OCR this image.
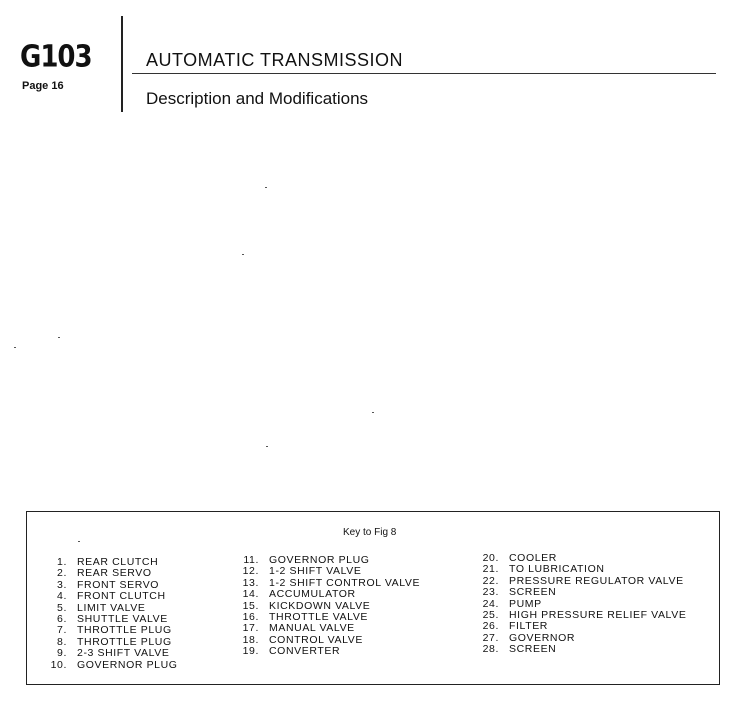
G103
Page 16
AUTOMATIC TRANSMISSION
Description and Modifications
Key to Fig 8
1. REAR CLUTCH
2. REAR SERVO
3. FRONT SERVO
4. FRONT CLUTCH
5. LIMIT VALVE
6. SHUTTLE VALVE
7. THROTTLE PLUG
8. THROTTLE PLUG
9. 2-3 SHIFT VALVE
10. GOVERNOR PLUG
11. GOVERNOR PLUG
12. 1-2 SHIFT VALVE
13. 1-2 SHIFT CONTROL VALVE
14. ACCUMULATOR
15. KICKDOWN VALVE
16. THROTTLE VALVE
17. MANUAL VALVE
18. CONTROL VALVE
19. CONVERTER
20. COOLER
21. TO LUBRICATION
22. PRESSURE REGULATOR VALVE
23. SCREEN
24. PUMP
25. HIGH PRESSURE RELIEF VALVE
26. FILTER
27. GOVERNOR
28. SCREEN
